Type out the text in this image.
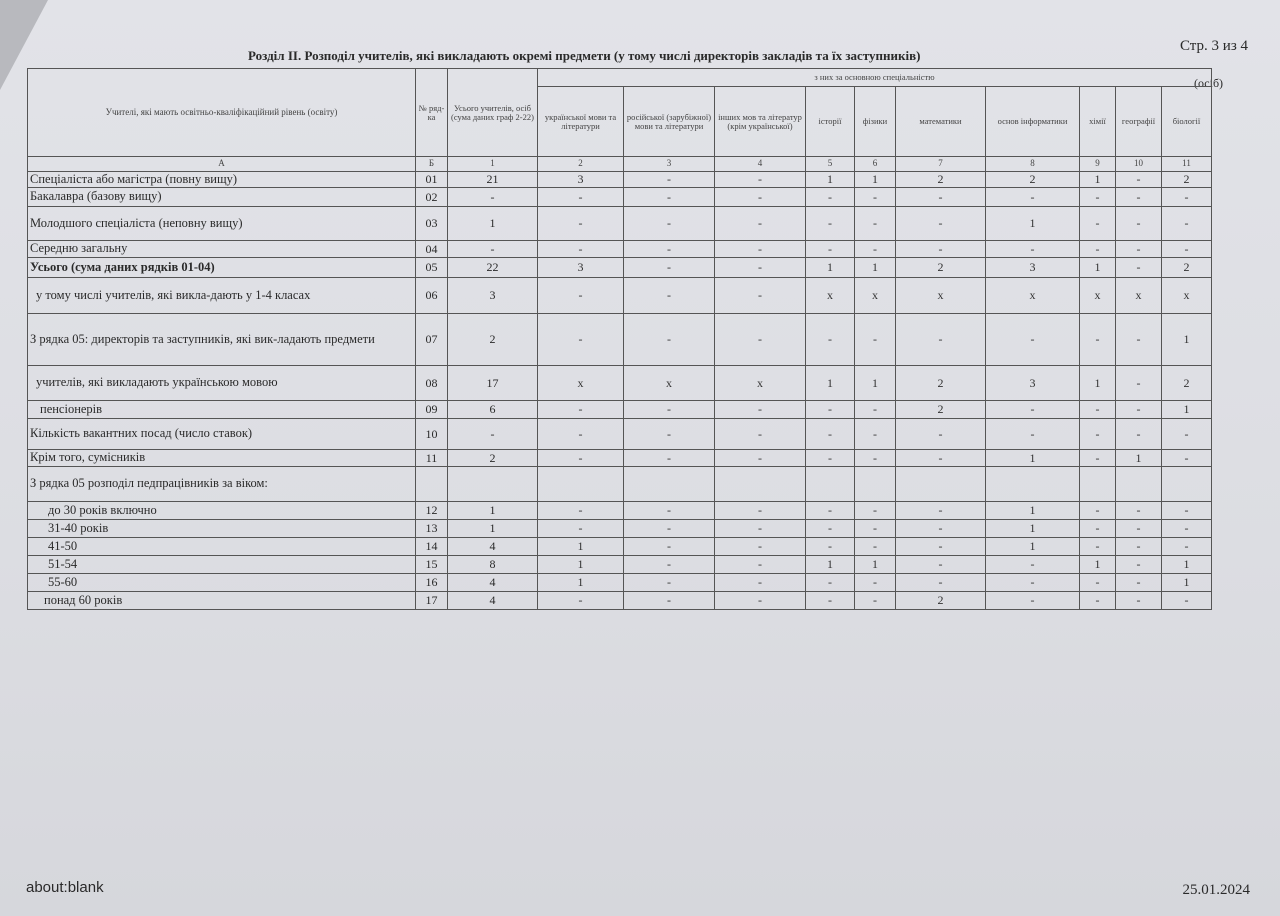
Стр. 3 из 4
Розділ II. Розподіл учителів, які викладають окремі предмети (у тому числі директорів закладів та їх заступників)
(осіб)
Учителі, які мають освітньо-кваліфікаційний рівень (освіту)	№ ряд-ка	Усього учителів, осіб (сума даних граф 2-22)	з них за основною спеціальністю									
			української мови та літератури	російської (зарубіжної) мови та літератури	інших мов та літератур (крім української)	історії	фізики	математики	основ інформатики	хімії	географії	біології
А	Б	1	2	3	4	5	6	7	8	9	10	11
Спеціаліста або магістра (повну вищу)	01	21	3	-	-	1	1	2	2	1	-	2
Бакалавра (базову вищу)	02	-	-	-	-	-	-	-	-	-	-	-
Молодшого спеціаліста (неповну вищу)	03	1	-	-	-	-	-	-	1	-	-	-
Середню загальну	04	-	-	-	-	-	-	-	-	-	-	-
Усього (сума даних рядків 01-04)	05	22	3	-	-	1	1	2	3	1	-	2
у тому числі учителів, які викла-дають у 1-4 класах	06	3	-	-	-	x	x	x	x	x	x	x
З рядка 05: директорів та заступників, які вик-ладають предмети	07	2	-	-	-	-	-	-	-	-	-	1
учителів, які викладають українською мовою	08	17	x	x	x	1	1	2	3	1	-	2
пенсіонерів	09	6	-	-	-	-	-	2	-	-	-	1
Кількість вакантних посад (число ставок)	10	-	-	-	-	-	-	-	-	-	-	-
Крім того, сумісників	11	2	-	-	-	-	-	-	1	-	1	-
З рядка 05 розподіл педпрацівників за віком:												
до 30 років включно	12	1	-	-	-	-	-	-	1	-	-	-
31-40 років	13	1	-	-	-	-	-	-	1	-	-	-
41-50	14	4	1	-	-	-	-	-	1	-	-	-
51-54	15	8	1	-	-	1	1	-	-	1	-	1
55-60	16	4	1	-	-	-	-	-	-	-	-	1
понад 60 років	17	4	-	-	-	-	-	2	-	-	-	-
about:blank	25.01.2024
